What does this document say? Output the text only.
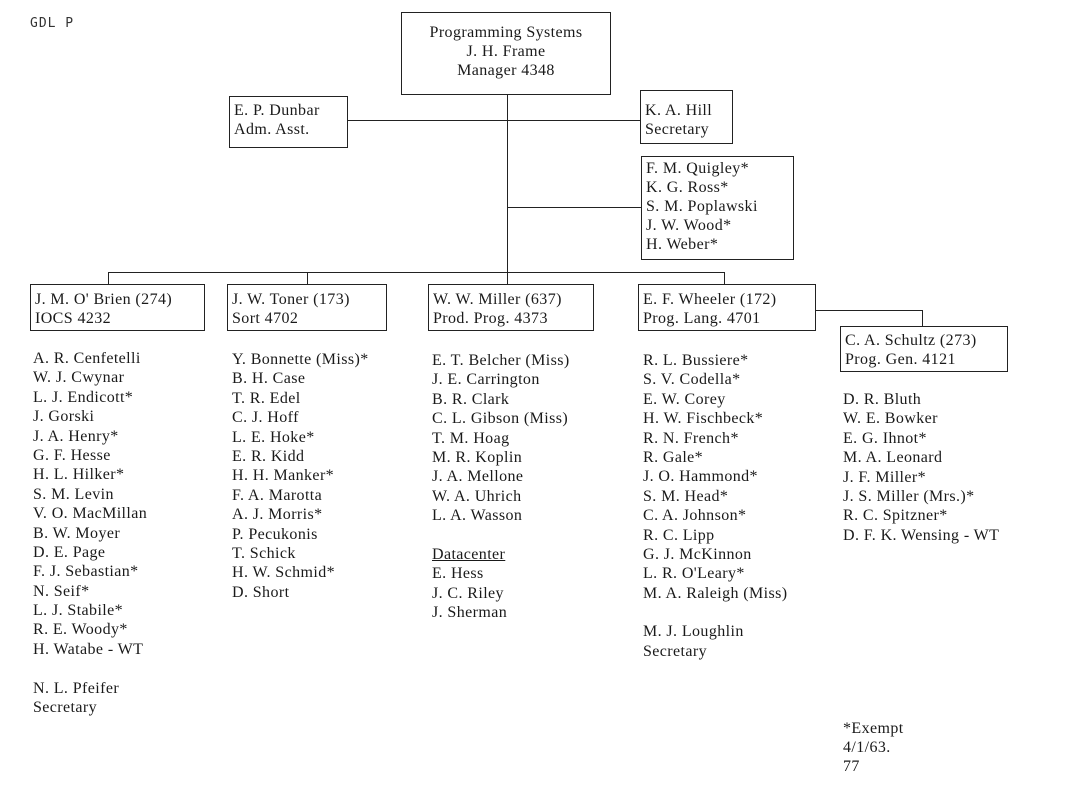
GDL P
Programming Systems
J. H. Frame
Manager 4348
E. P. Dunbar
Adm. Asst.
K. A. Hill
Secretary
F. M. Quigley*
K. G. Ross*
S. M. Poplawski
J. W. Wood*
H. Weber*
J. M. O' Brien (274)
IOCS 4232
J. W. Toner (173)
Sort 4702
W. W. Miller (637)
Prod. Prog. 4373
E. F. Wheeler (172)
Prog. Lang. 4701
C. A. Schultz (273)
Prog. Gen. 4121
A. R. Cenfetelli
W. J. Cwynar
L. J. Endicott*
J. Gorski
J. A. Henry*
G. F. Hesse
H. L. Hilker*
S. M. Levin
V. O. MacMillan
B. W. Moyer
D. E. Page
F. J. Sebastian*
N. Seif*
L. J. Stabile*
R. E. Woody*
H. Watabe - WT
N. L. Pfeifer
Secretary
Y. Bonnette (Miss)*
B. H. Case
T. R. Edel
C. J. Hoff
L. E. Hoke*
E. R. Kidd
H. H. Manker*
F. A. Marotta
A. J. Morris*
P. Pecukonis
T. Schick
H. W. Schmid*
D. Short
E. T. Belcher (Miss)
J. E. Carrington
B. R. Clark
C. L. Gibson (Miss)
T. M. Hoag
M. R. Koplin
J. A. Mellone
W. A. Uhrich
L. A. Wasson
Datacenter
E. Hess
J. C. Riley
J. Sherman
R. L. Bussiere*
S. V. Codella*
E. W. Corey
H. W. Fischbeck*
R. N. French*
R. Gale*
J. O. Hammond*
S. M. Head*
C. A. Johnson*
R. C. Lipp
G. J. McKinnon
L. R. O'Leary*
M. A. Raleigh (Miss)
M. J. Loughlin
Secretary
D. R. Bluth
W. E. Bowker
E. G. Ihnot*
M. A. Leonard
J. F. Miller*
J. S. Miller (Mrs.)*
R. C. Spitzner*
D. F. K. Wensing - WT
*Exempt
4/1/63.
77
